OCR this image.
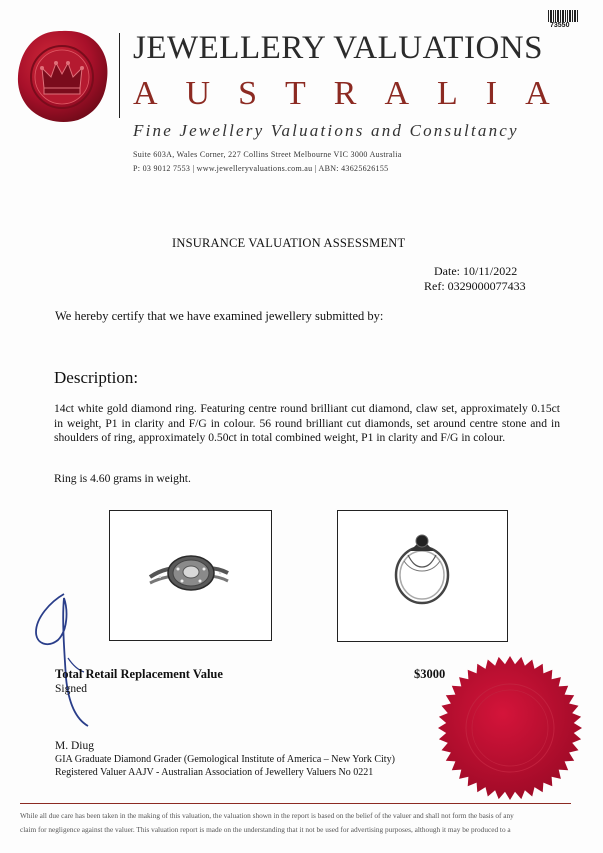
JEWELLERY VALUATIONS
AUSTRALIA
Fine Jewellery Valuations and Consultancy
Suite 603A, Wales Corner, 227 Collins Street Melbourne VIC 3000 Australia
P: 03 9012 7553 | www.jewelleryvaluations.com.au | ABN: 43625626155
73550
INSURANCE VALUATION ASSESSMENT
Date: 10/11/2022
Ref: 0329000077433
We hereby certify that we have examined jewellery submitted by:
Description:
14ct white gold diamond ring. Featuring centre round brilliant cut diamond, claw set, approximately 0.15ct in weight, P1 in clarity and F/G in colour. 56 round brilliant cut diamonds, set around centre stone and in shoulders of ring, approximately 0.50ct in total combined weight, P1 in clarity and F/G in colour.
Ring is 4.60 grams in weight.
Total Retail Replacement Value	$3000
Signed
M. Diug
GIA Graduate Diamond Grader (Gemological Institute of America – New York City)
Registered Valuer AAJV - Australian Association of Jewellery Valuers No 0221
While all due care has been taken in the making of this valuation, the valuation shown in the report is based on the belief of the valuer and shall not form the basis of any
claim for negligence against the valuer. This valuation report is made on the understanding that it not be used for advertising purposes, although it may be produced to a
